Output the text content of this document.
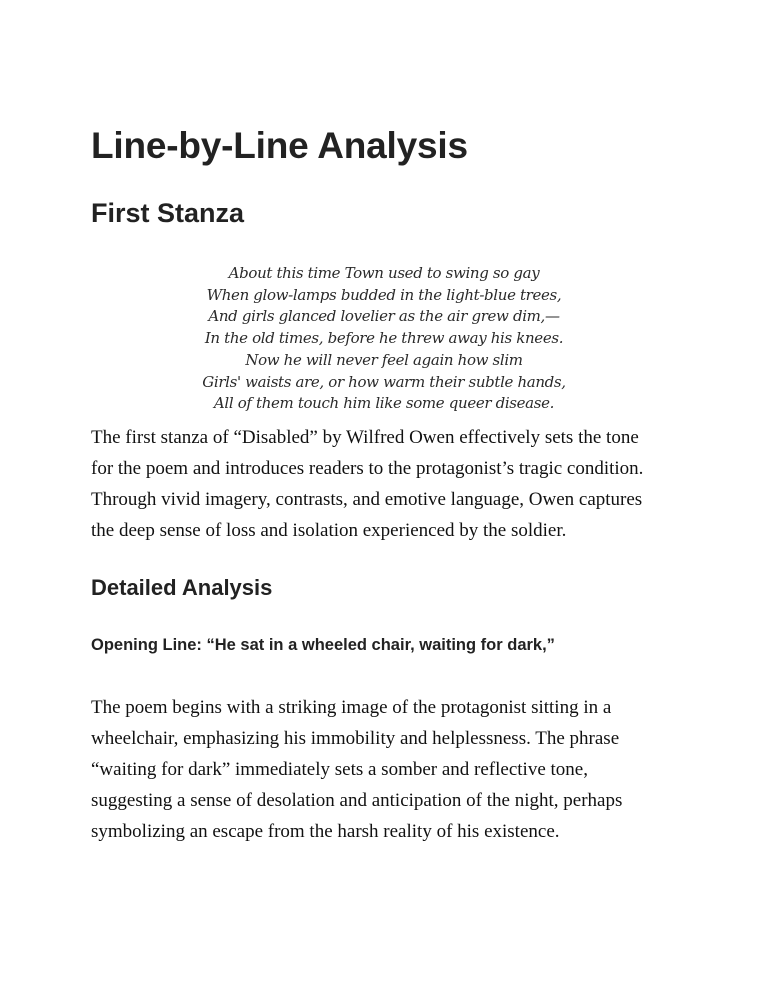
Line-by-Line Analysis
First Stanza
About this time Town used to swing so gay
When glow-lamps budded in the light-blue trees,
And girls glanced lovelier as the air grew dim,—
In the old times, before he threw away his knees.
Now he will never feel again how slim
Girls' waists are, or how warm their subtle hands,
All of them touch him like some queer disease.

The first stanza of “Disabled” by Wilfred Owen effectively sets the tone
for the poem and introduces readers to the protagonist’s tragic condition.
Through vivid imagery, contrasts, and emotive language, Owen captures
the deep sense of loss and isolation experienced by the soldier.

Detailed Analysis
Opening Line: “He sat in a wheeled chair, waiting for dark,”

The poem begins with a striking image of the protagonist sitting in a
wheelchair, emphasizing his immobility and helplessness. The phrase
“waiting for dark” immediately sets a somber and reflective tone,
suggesting a sense of desolation and anticipation of the night, perhaps
symbolizing an escape from the harsh reality of his existence.
